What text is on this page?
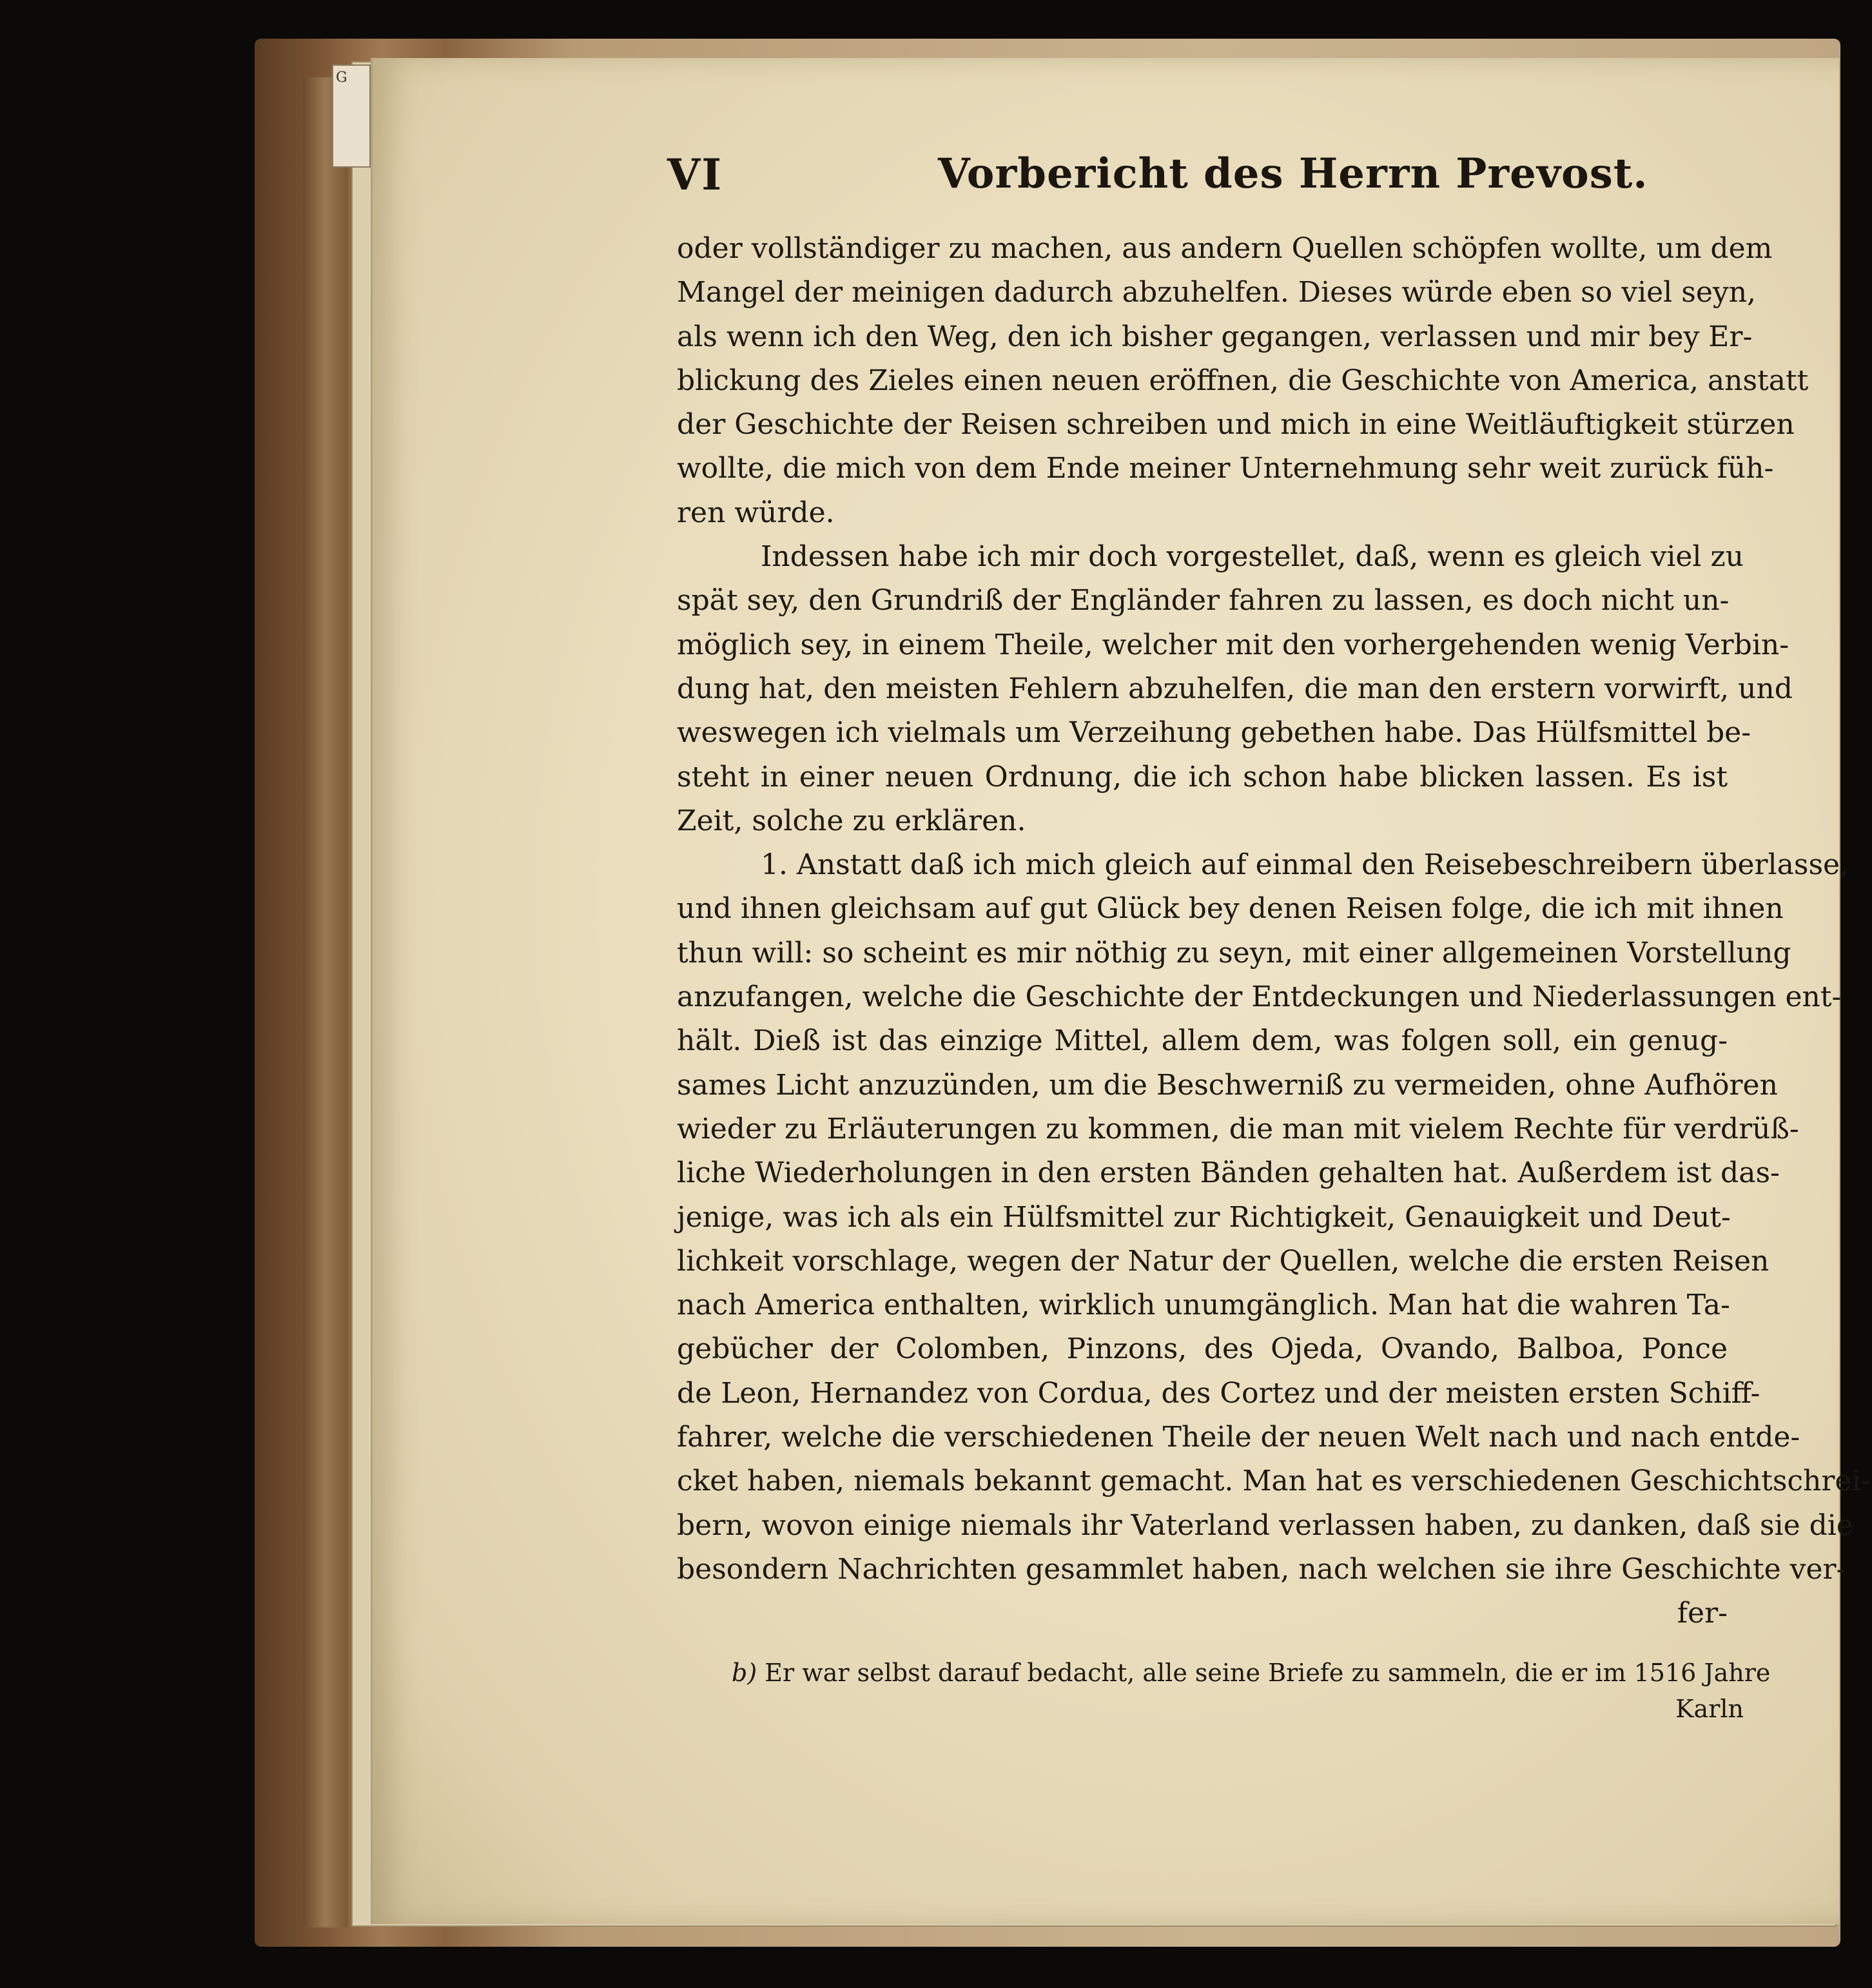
G
VI	Vorbericht des Herrn Prevost.
oder vollständiger zu machen, aus andern Quellen schöpfen wollte, um dem
Mangel der meinigen dadurch abzuhelfen. Dieses würde eben so viel seyn,
als wenn ich den Weg, den ich bisher gegangen, verlassen und mir bey Er-
blickung des Zieles einen neuen eröffnen, die Geschichte von America, anstatt
der Geschichte der Reisen schreiben und mich in eine Weitläuftigkeit stürzen
wollte, die mich von dem Ende meiner Unternehmung sehr weit zurück füh-
ren würde.
Indessen habe ich mir doch vorgestellet, daß, wenn es gleich viel zu
spät sey, den Grundriß der Engländer fahren zu lassen, es doch nicht un-
möglich sey, in einem Theile, welcher mit den vorhergehenden wenig Verbin-
dung hat, den meisten Fehlern abzuhelfen, die man den erstern vorwirft, und
weswegen ich vielmals um Verzeihung gebethen habe. Das Hülfsmittel be-
steht in einer neuen Ordnung, die ich schon habe blicken lassen. Es ist
Zeit, solche zu erklären.
1. Anstatt daß ich mich gleich auf einmal den Reisebeschreibern überlasse,
und ihnen gleichsam auf gut Glück bey denen Reisen folge, die ich mit ihnen
thun will: so scheint es mir nöthig zu seyn, mit einer allgemeinen Vorstellung
anzufangen, welche die Geschichte der Entdeckungen und Niederlassungen ent-
hält. Dieß ist das einzige Mittel, allem dem, was folgen soll, ein genug-
sames Licht anzuzünden, um die Beschwerniß zu vermeiden, ohne Aufhören
wieder zu Erläuterungen zu kommen, die man mit vielem Rechte für verdrüß-
liche Wiederholungen in den ersten Bänden gehalten hat. Außerdem ist das-
jenige, was ich als ein Hülfsmittel zur Richtigkeit, Genauigkeit und Deut-
lichkeit vorschlage, wegen der Natur der Quellen, welche die ersten Reisen
nach America enthalten, wirklich unumgänglich. Man hat die wahren Ta-
gebücher der Colomben, Pinzons, des Ojeda, Ovando, Balboa, Ponce
de Leon, Hernandez von Cordua, des Cortez und der meisten ersten Schiff-
fahrer, welche die verschiedenen Theile der neuen Welt nach und nach entde-
cket haben, niemals bekannt gemacht. Man hat es verschiedenen Geschichtschrei-
bern, wovon einige niemals ihr Vaterland verlassen haben, zu danken, daß sie die
besondern Nachrichten gesammlet haben, nach welchen sie ihre Geschichte ver-
fer-
b) Er war selbst darauf bedacht, alle seine Briefe zu sammeln, die er im 1516 Jahre
Karln
